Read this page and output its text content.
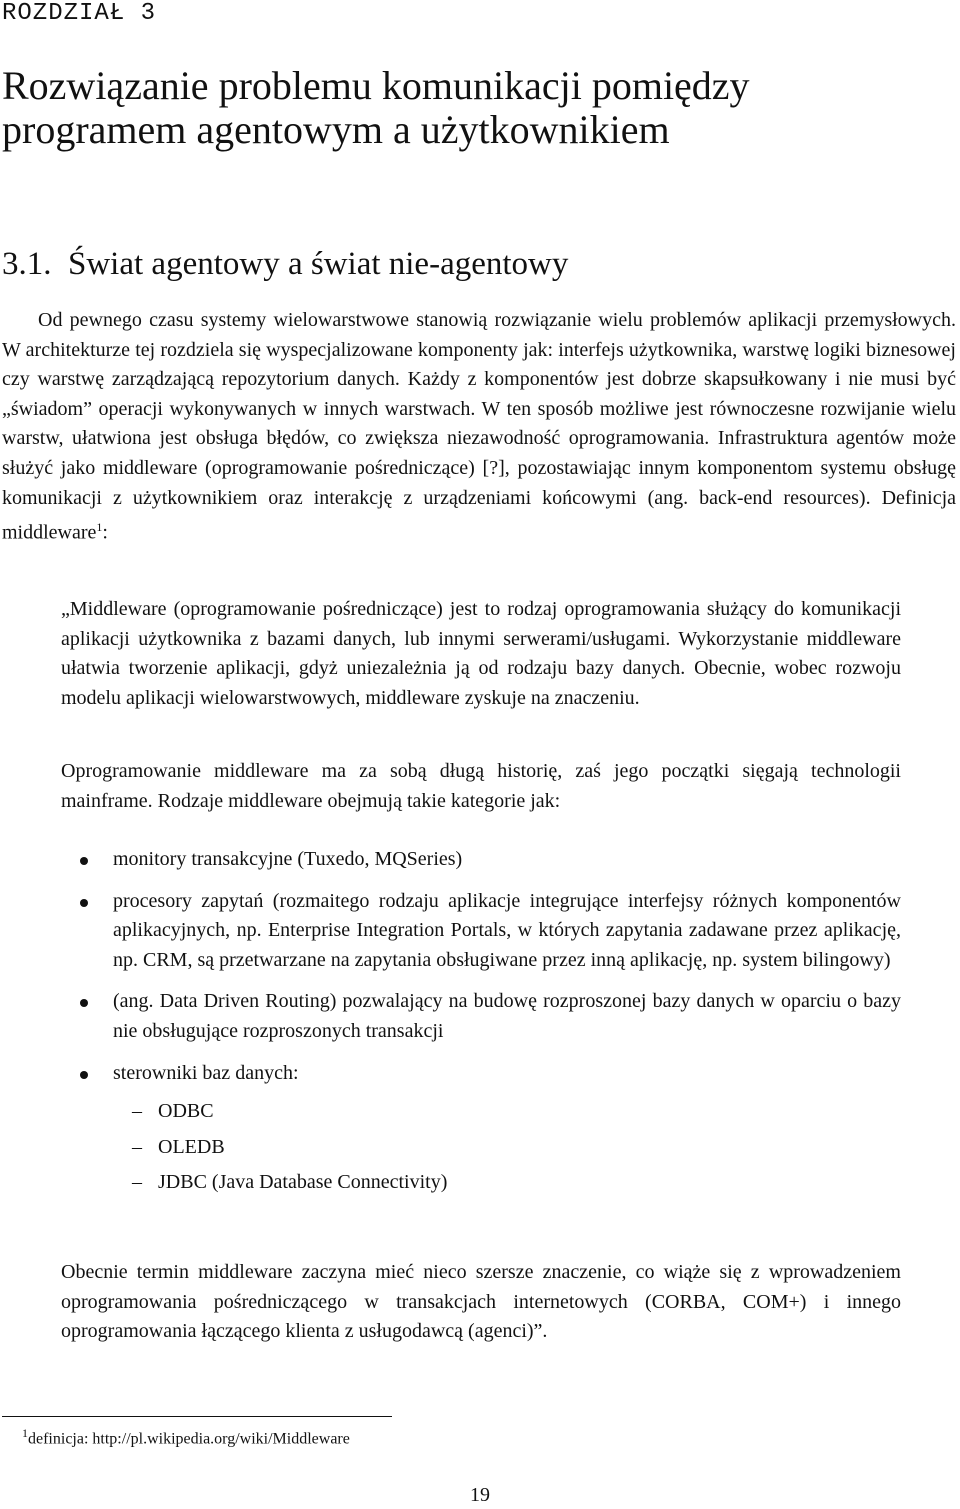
ROZDZIAŁ 3
Rozwiązanie problemu komunikacji pomiędzy programem agentowym a użytkownikiem
3.1. Świat agentowy a świat nie-agentowy

Od pewnego czasu systemy wielowarstwowe stanowią rozwiązanie wielu problemów aplikacji przemysłowych. W architekturze tej rozdziela się wyspecjalizowane komponenty jak: interfejs użytkownika, warstwę logiki biznesowej czy warstwę zarządzającą repozytorium danych. Każdy z komponentów jest dobrze skapsułkowany i nie musi być „świadom” operacji wykonywanych w innych warstwach. W ten sposób możliwe jest równoczesne rozwijanie wielu warstw, ułatwiona jest obsługa błędów, co zwiększa niezawodność oprogramowania. Infrastruktura agentów może służyć jako middleware (oprogramowanie pośredniczące) [?], pozostawiając innym komponentom systemu obsługę komunikacji z użytkownikiem oraz interakcję z urządzeniami końcowymi (ang. back-end resources). Definicja middleware$^1$:

„Middleware (oprogramowanie pośredniczące) jest to rodzaj oprogramowania służący do komunikacji aplikacji użytkownika z bazami danych, lub innymi serwerami/usługami. Wykorzystanie middleware ułatwia tworzenie aplikacji, gdyż uniezależnia ją od rodzaju bazy danych. Obecnie, wobec rozwoju modelu aplikacji wielowarstwowych, middleware zyskuje na znaczeniu.

Oprogramowanie middleware ma za sobą długą historię, zaś jego początki sięgają technologii mainframe. Rodzaje middleware obejmują takie kategorie jak:

monitory transakcyjne (Tuxedo, MQSeries)
procesory zapytań (rozmaitego rodzaju aplikacje integrujące interfejsy różnych komponentów aplikacyjnych, np. Enterprise Integration Portals, w których zapytania zadawane przez aplikację, np. CRM, są przetwarzane na zapytania obsługiwane przez inną aplikację, np. system bilingowy)
(ang. Data Driven Routing) pozwalający na budowę rozproszonej bazy danych w oparciu o bazy nie obsługujące rozproszonych transakcji
sterowniki baz danych:
– ODBC
– OLEDB
– JDBC (Java Database Connectivity)

Obecnie termin middleware zaczyna mieć nieco szersze znaczenie, co wiąże się z wprowadzeniem oprogramowania pośredniczącego w transakcjach internetowych (CORBA, COM+) i innego oprogramowania łączącego klienta z usługodawcą (agenci)”.

$^1$definicja: http://pl.wikipedia.org/wiki/Middleware
19
